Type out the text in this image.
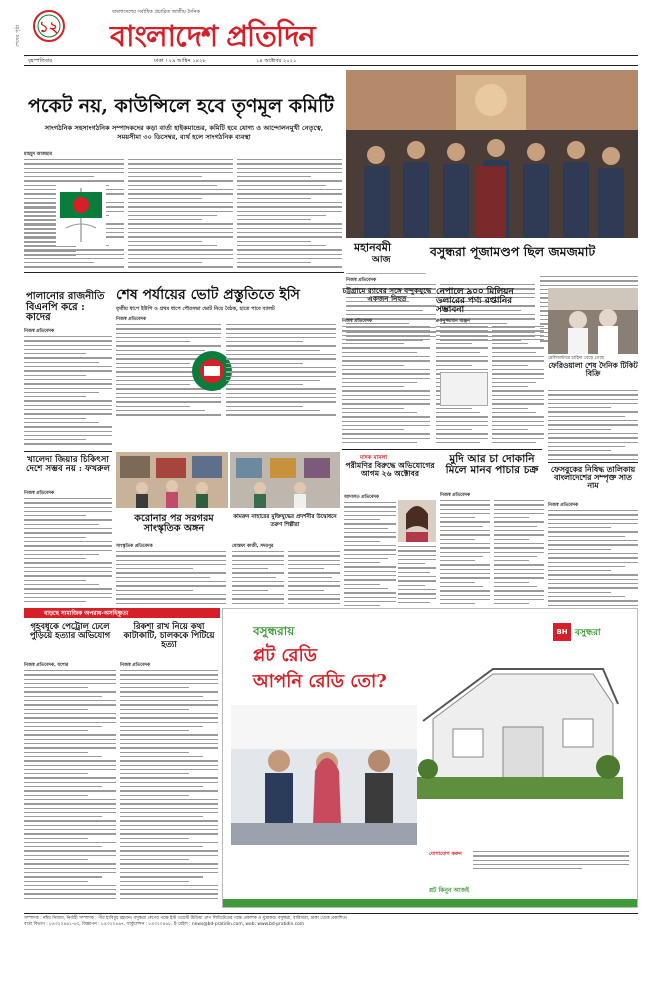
১২
শেষের পৃষ্ঠা
বাংলাদেশের সর্বাধিক প্রচারিত জাতীয় দৈনিক
বাংলাদেশ প্রতিদিন
বৃহস্পতিবার	ঢাকা । ২৯ আশ্বিন ১৪২৮	১৪ অক্টোবর ২০২১
পকেট নয়, কাউন্সিলে হবে তৃণমূল কমিটি
সাংগঠনিক সহসাংগঠনিক সম্পাদকদের কড়া বার্তা হাইকমান্ডের, কমিটি হবে যোগ্য ও আন্দোলনমুখী নেতৃত্বে, সময়সীমা ৩০ ডিসেম্বর, ব্যর্থ হলে সাংগঠনিক ব্যবস্থা
মাহমুদ আজহার
মহানবমী
আজ
বসুন্ধরা পূজামণ্ডপ ছিল জমজমাট
নিজস্ব প্রতিবেদক
পালানোর রাজনীতি বিএনপি করে : কাদের
নিজস্ব প্রতিবেদক
শেষ পর্যায়ের ভোট প্রস্তুতিতে ইসি
তৃতীয় ধাপে ইউপি ও প্রথম ধাপে পৌরসভা ভোট নিয়ে বৈঠক, হাতে পাবে ব্যালট
নিজস্ব প্রতিবেদক
চট্টগ্রামে র‍্যাবের সঙ্গে বন্দুকযুদ্ধে একজন নিহত
নিজস্ব প্রতিবেদক
নেপালে ৯০০ মিলিয়ন ডলারের পণ্য রপ্তানির সম্ভাবনা
রুকনুজ্জামান অঞ্জন
মেলিঅন্টারে চাহিদা বেড়ে গেছে
ফেরিওয়ালা শেষ দৈনিক টিকিট বিক্রি
খালেদা জিয়ার চিকিৎসা দেশে সম্ভব নয় : ফখরুল
নিজস্ব প্রতিবেদক
করোনার পর সরগরম সাংস্কৃতিক অঙ্গন
কামরুন নাহারের মুক্তিযুদ্ধের প্রদর্শনীর উদ্বোধনে তরুণ শিল্পীরা
সাংস্কৃতিক প্রতিবেদক	মোস্তফা কাজী, সদরপুর
মাদক মামলা
পরীমণির বিরুদ্ধে অভিযোগের আগম ২৬ অক্টোবর
আদালত প্রতিবেদক
মুদি আর চা দোকানি মিলে মানব পাচার চক্র
নিজস্ব প্রতিবেদক
ফেসবুকের নিষিদ্ধ তালিকায় বাংলাদেশের সম্পৃক্ত সাত নাম
নিজস্ব প্রতিবেদক
বাড়ছে সামাজিক অপরাধ-অসহিষ্ণুতা
গৃহবধূকে পেট্রোল ঢেলে পুড়িয়ে হত্যার অভিযোগ
নিজস্ব প্রতিবেদক, যশোর
রিকশা রাখ নিয়ে কথা কাটাকাটি, চালককে পিটিয়ে হত্যা
নিজস্ব প্রতিবেদক
বসুন্ধরায়
প্লট রেডি
আপনি রেডি তো?
BH বসুন্ধরা
যোগাযোগ করুন
প্লট কিনুন আজই
সম্পাদক : নঈম নিজাম, নির্বাহী সম্পাদক : পীর হাবিবুর রহমান। বসুন্ধরা গ্রুপের পক্ষে ইস্ট ওয়েস্ট মিডিয়া গ্রুপ লিমিটেডের পক্ষে প্রকাশক ও মুদ্রাকর। বসুন্ধরা, বারিধারা, ঢাকা থেকে প্রকাশিত।
বার্তা বিভাগ : ৮৪৩২০৪৬১-৬৩, বিজ্ঞাপন : ৮৪৩২০৪৬৭, সার্কুলেশন : ৮৪৩২০৪৬৮, ই-মেইল : news@bd-pratidin.com, web: www.bd-pratidin.com
